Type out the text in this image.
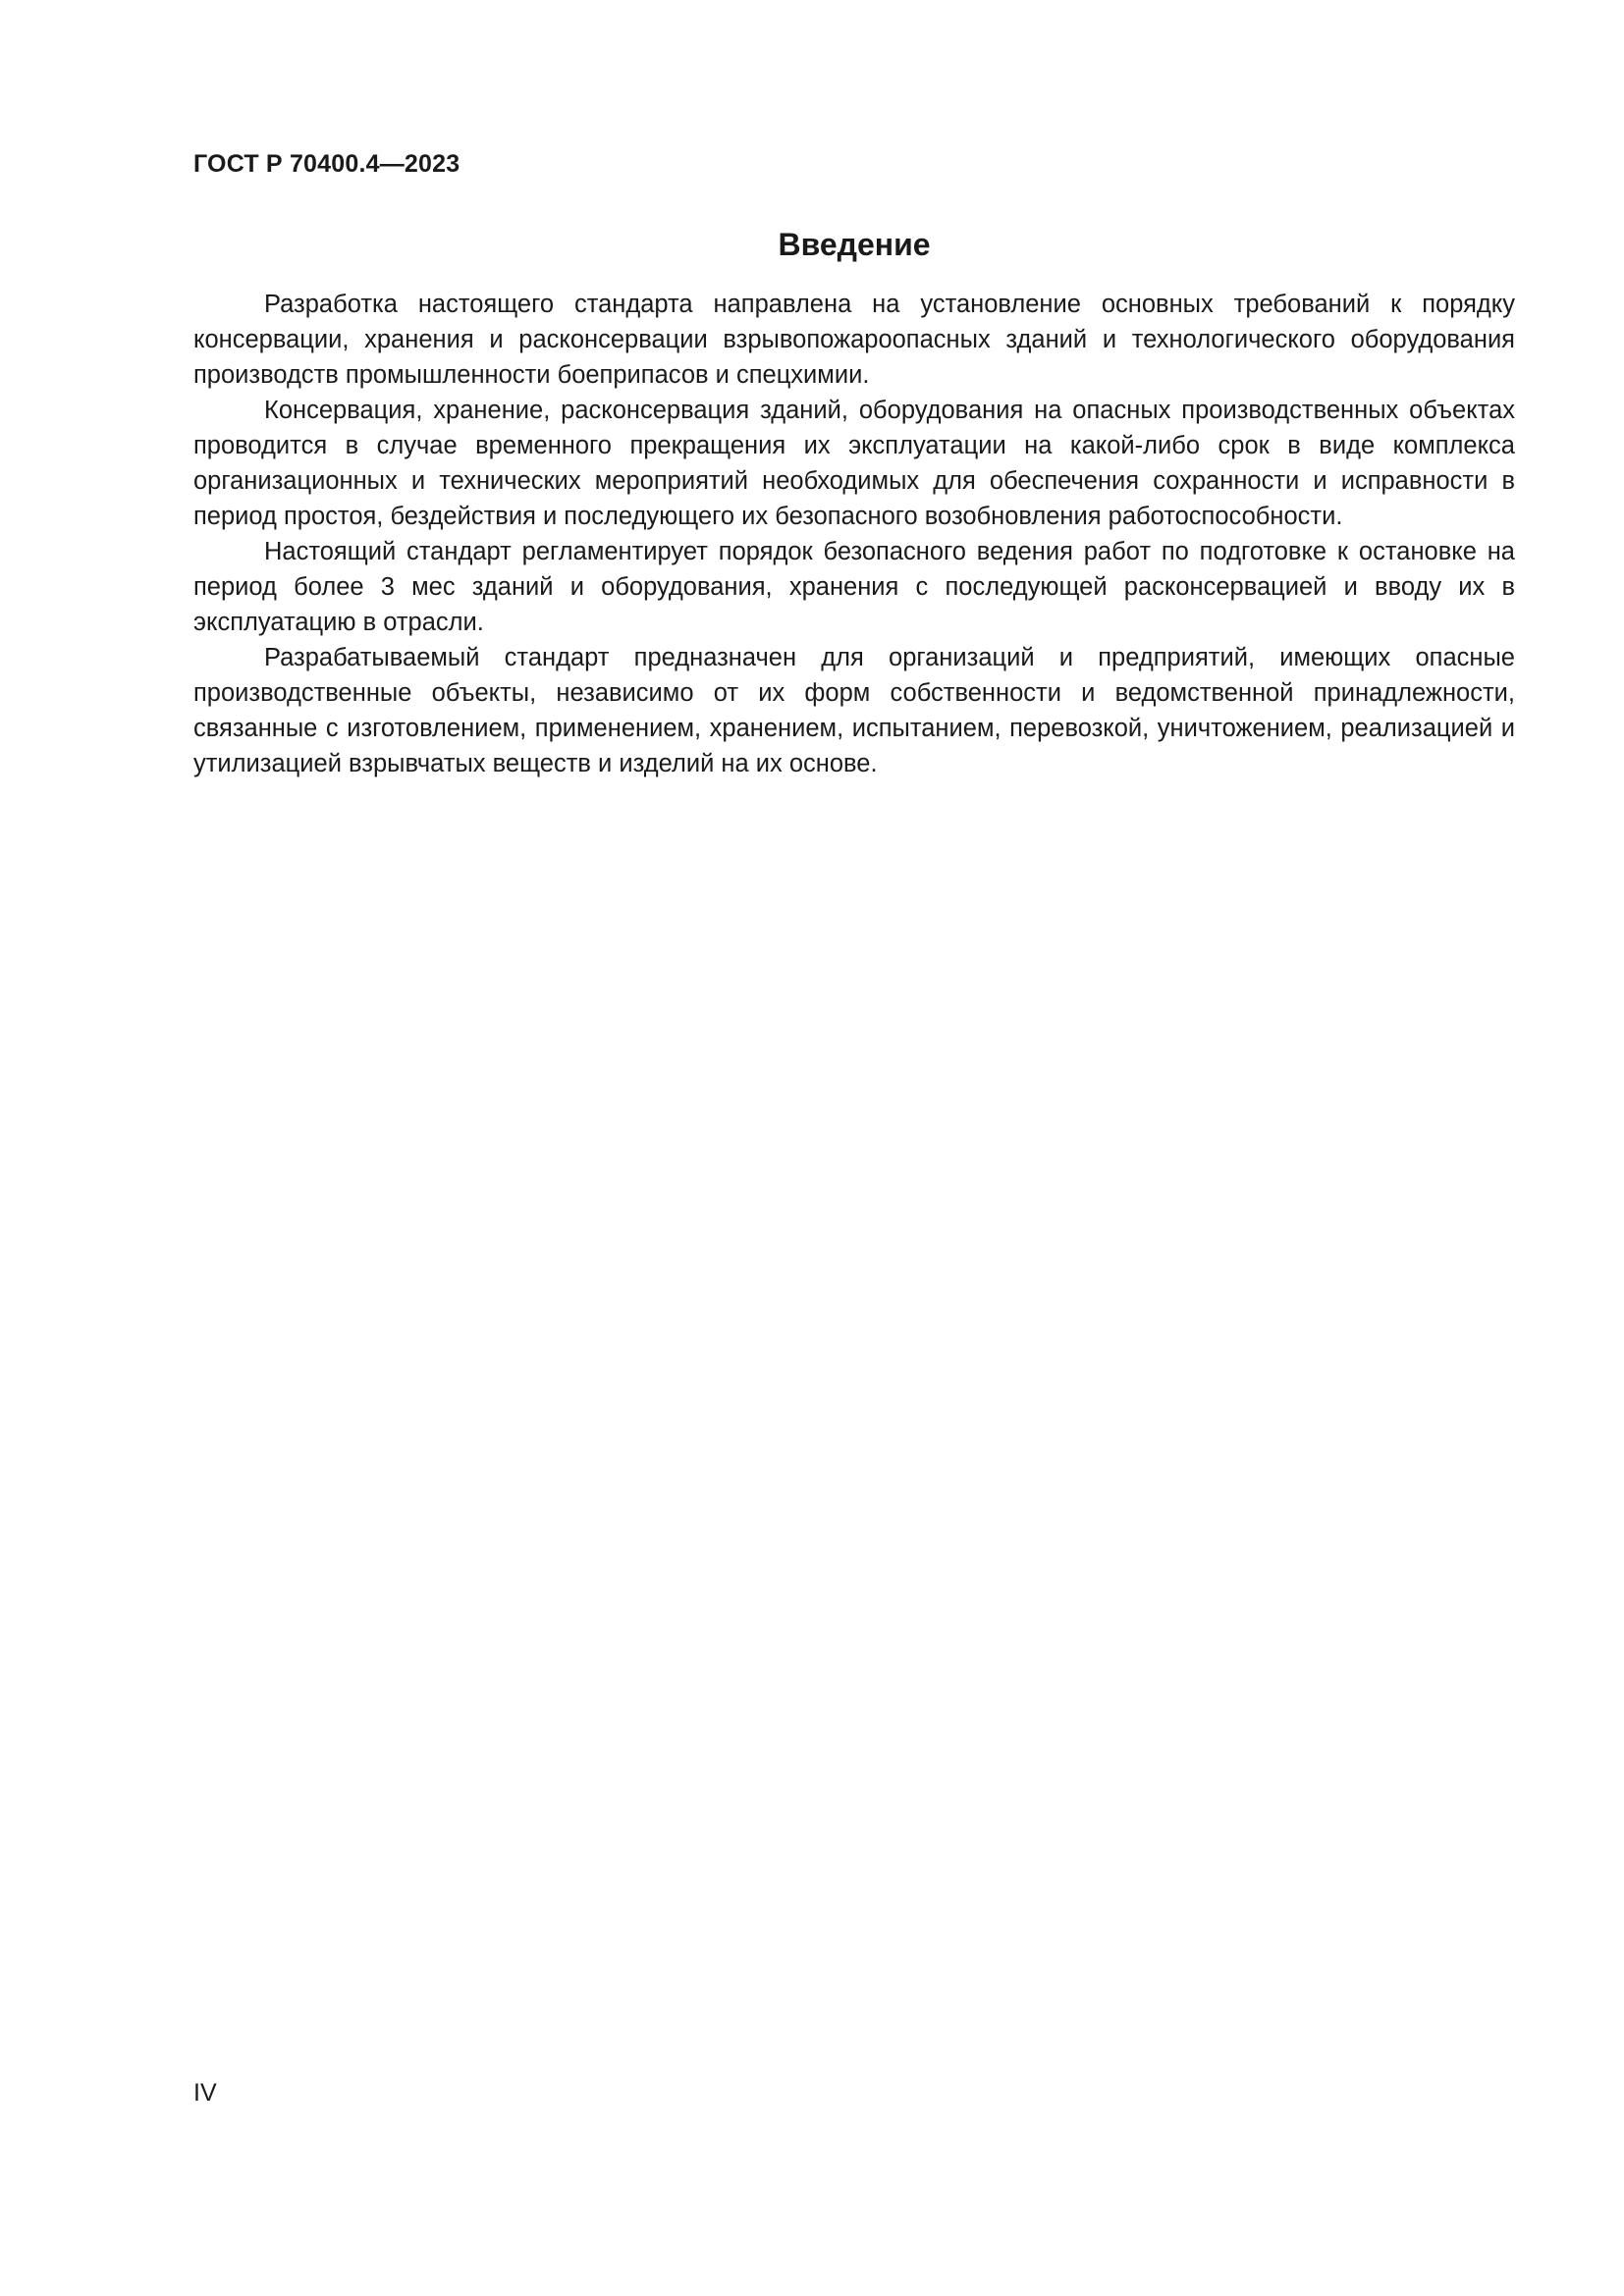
ГОСТ Р 70400.4—2023
Введение

Разработка настоящего стандарта направлена на установление основных требований к порядку консервации, хранения и расконсервации взрывопожароопасных зданий и технологического оборудования производств промышленности боеприпасов и спецхимии.

Консервация, хранение, расконсервация зданий, оборудования на опасных производственных объектах проводится в случае временного прекращения их эксплуатации на какой-либо срок в виде комплекса организационных и технических мероприятий необходимых для обеспечения сохранности и исправности в период простоя, бездействия и последующего их безопасного возобновления работоспособности.

Настоящий стандарт регламентирует порядок безопасного ведения работ по подготовке к остановке на период более 3 мес зданий и оборудования, хранения с последующей расконсервацией и вводу их в эксплуатацию в отрасли.

Разрабатываемый стандарт предназначен для организаций и предприятий, имеющих опасные производственные объекты, независимо от их форм собственности и ведомственной принадлежности, связанные с изготовлением, применением, хранением, испытанием, перевозкой, уничтожением, реализацией и утилизацией взрывчатых веществ и изделий на их основе.

IV
